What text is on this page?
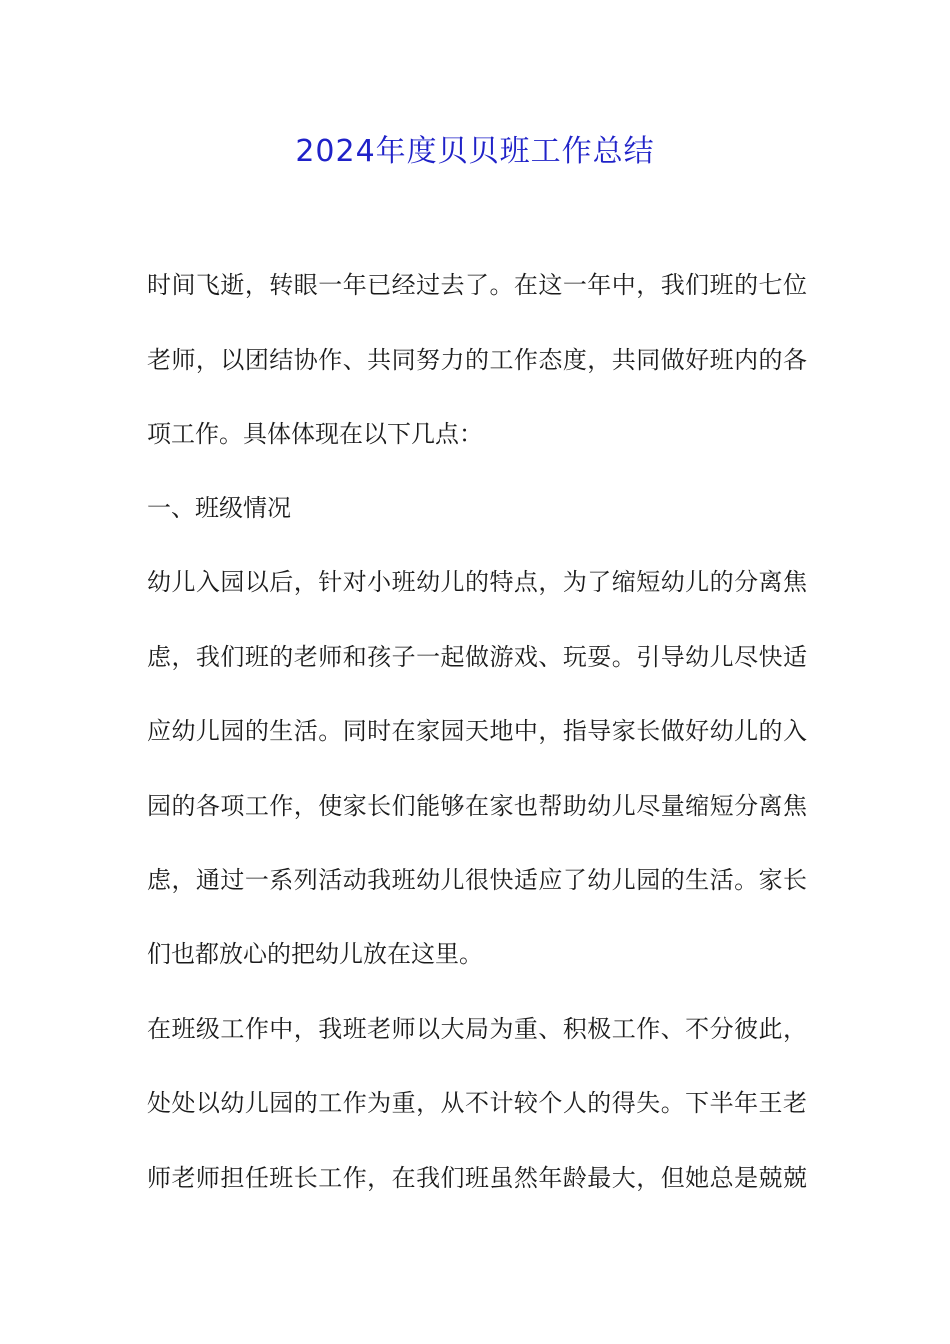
2024年度贝贝班工作总结

时间飞逝，转眼一年已经过去了。在这一年中，我们班的七位

老师，以团结协作、共同努力的工作态度，共同做好班内的各

项工作。具体体现在以下几点：

一、班级情况

幼儿入园以后，针对小班幼儿的特点，为了缩短幼儿的分离焦

虑，我们班的老师和孩子一起做游戏、玩耍。引导幼儿尽快适

应幼儿园的生活。同时在家园天地中，指导家长做好幼儿的入

园的各项工作，使家长们能够在家也帮助幼儿尽量缩短分离焦

虑，通过一系列活动我班幼儿很快适应了幼儿园的生活。家长

们也都放心的把幼儿放在这里。

在班级工作中，我班老师以大局为重、积极工作、不分彼此，

处处以幼儿园的工作为重，从不计较个人的得失。下半年王老

师老师担任班长工作，在我们班虽然年龄最大，但她总是兢兢
